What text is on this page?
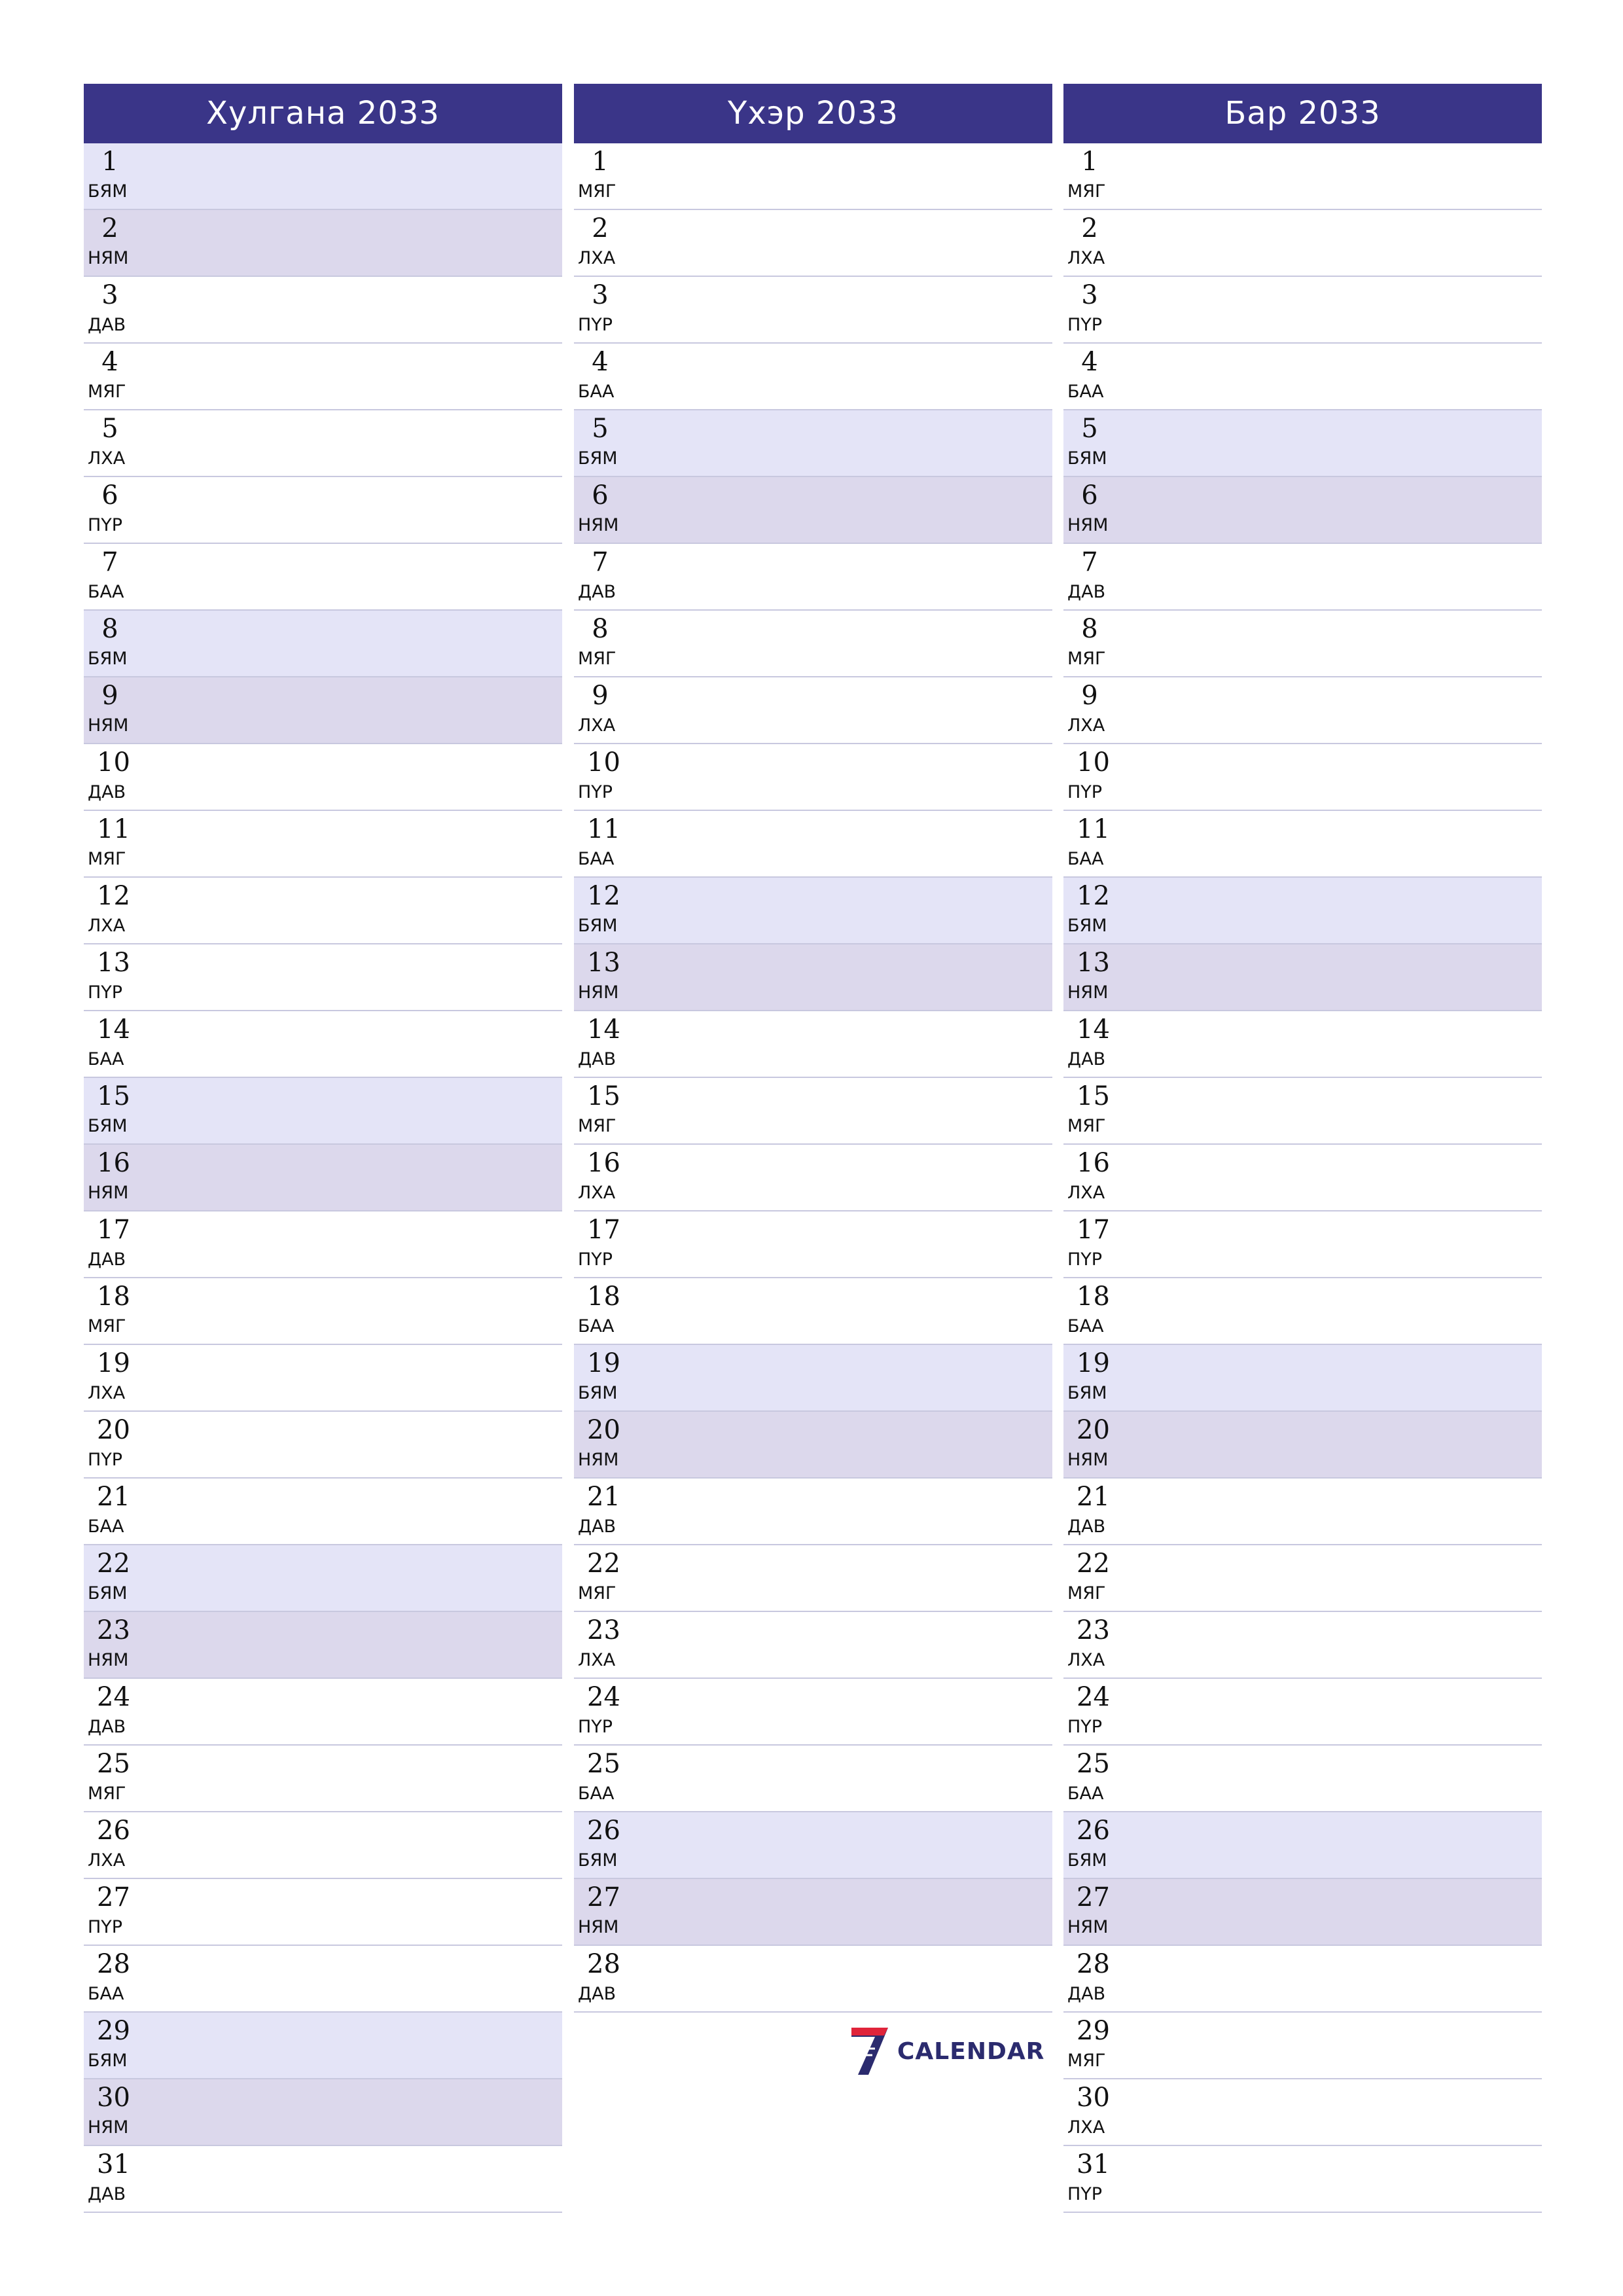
Хулгана 2033
1
БЯМ
2
НЯМ
3
ДАВ
4
МЯГ
5
ЛХА
6
ПҮР
7
БАА
8
БЯМ
9
НЯМ
10
ДАВ
11
МЯГ
12
ЛХА
13
ПҮР
14
БАА
15
БЯМ
16
НЯМ
17
ДАВ
18
МЯГ
19
ЛХА
20
ПҮР
21
БАА
22
БЯМ
23
НЯМ
24
ДАВ
25
МЯГ
26
ЛХА
27
ПҮР
28
БАА
29
БЯМ
30
НЯМ
31
ДАВ
Үхэр 2033
1
МЯГ
2
ЛХА
3
ПҮР
4
БАА
5
БЯМ
6
НЯМ
7
ДАВ
8
МЯГ
9
ЛХА
10
ПҮР
11
БАА
12
БЯМ
13
НЯМ
14
ДАВ
15
МЯГ
16
ЛХА
17
ПҮР
18
БАА
19
БЯМ
20
НЯМ
21
ДАВ
22
МЯГ
23
ЛХА
24
ПҮР
25
БАА
26
БЯМ
27
НЯМ
28
ДАВ
Бар 2033
1
МЯГ
2
ЛХА
3
ПҮР
4
БАА
5
БЯМ
6
НЯМ
7
ДАВ
8
МЯГ
9
ЛХА
10
ПҮР
11
БАА
12
БЯМ
13
НЯМ
14
ДАВ
15
МЯГ
16
ЛХА
17
ПҮР
18
БАА
19
БЯМ
20
НЯМ
21
ДАВ
22
МЯГ
23
ЛХА
24
ПҮР
25
БАА
26
БЯМ
27
НЯМ
28
ДАВ
29
МЯГ
30
ЛХА
31
ПҮР
CALENDAR
